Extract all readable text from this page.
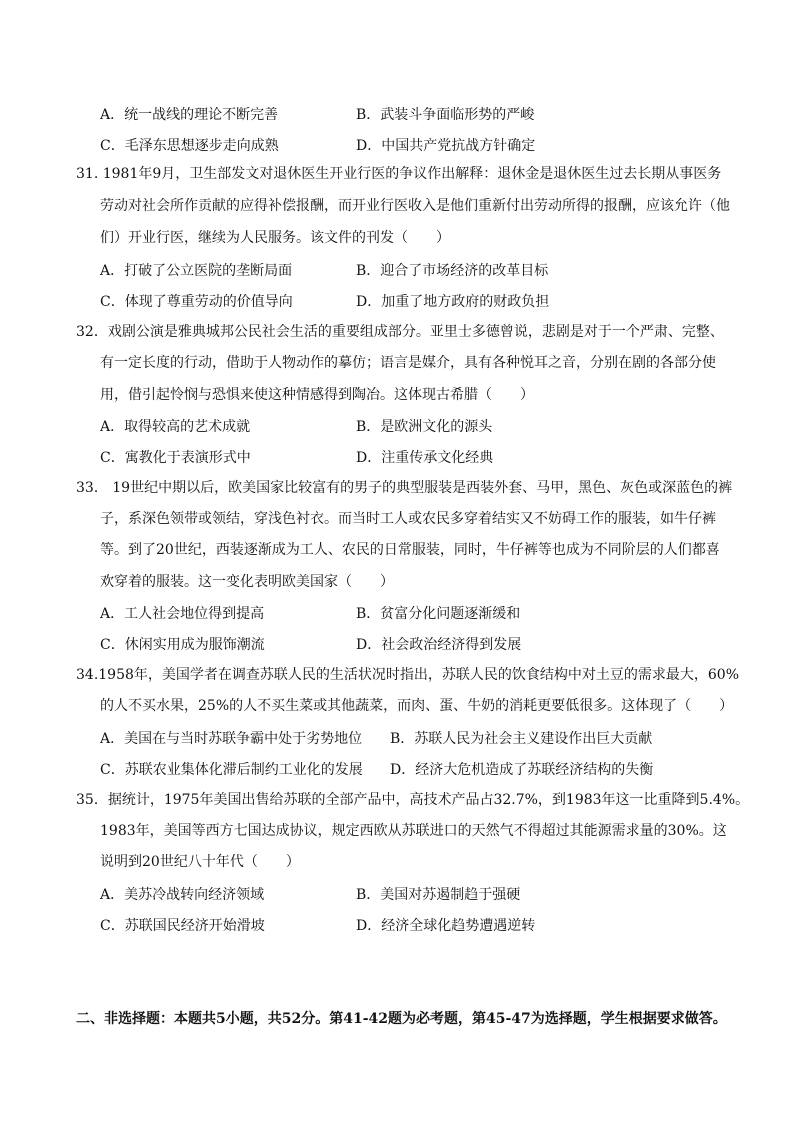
A．统一战线的理论不断完善	B．武装斗争面临形势的严峻
C．毛泽东思想逐步走向成熟	D．中国共产党抗战方针确定
31. 1981年9月，卫生部发文对退休医生开业行医的争议作出解释：退休金是退休医生过去长期从事医务
劳动对社会所作贡献的应得补偿报酬，而开业行医收入是他们重新付出劳动所得的报酬，应该允许（他
们）开业行医，继续为人民服务。该文件的刊发（　　）
A．打破了公立医院的垄断局面	B．迎合了市场经济的改革目标
C．体现了尊重劳动的价值导向	D．加重了地方政府的财政负担
32．戏剧公演是雅典城邦公民社会生活的重要组成部分。亚里士多德曾说，悲剧是对于一个严肃、完整、
有一定长度的行动，借助于人物动作的摹仿；语言是媒介，具有各种悦耳之音，分别在剧的各部分使
用，借引起怜悯与恐惧来使这种情感得到陶冶。这体现古希腊（　　）
A．取得较高的艺术成就	B．是欧洲文化的源头
C．寓教化于表演形式中	D．注重传承文化经典
33． 19世纪中期以后，欧美国家比较富有的男子的典型服装是西装外套、马甲，黑色、灰色或深蓝色的裤
子，系深色领带或领结，穿浅色衬衣。而当时工人或农民多穿着结实又不妨碍工作的服装，如牛仔裤
等。到了20世纪，西装逐渐成为工人、农民的日常服装，同时，牛仔裤等也成为不同阶层的人们都喜
欢穿着的服装。这一变化表明欧美国家（　　）
A．工人社会地位得到提高	B．贫富分化问题逐渐缓和
C．休闲实用成为服饰潮流	D．社会政治经济得到发展
34.1958年，美国学者在调查苏联人民的生活状况时指出，苏联人民的饮食结构中对土豆的需求最大，60%
的人不买水果，25%的人不买生菜或其他蔬菜，而肉、蛋、牛奶的消耗更要低很多。这体现了（　　）
A．美国在与当时苏联争霸中处于劣势地位 B．苏联人民为社会主义建设作出巨大贡献
C．苏联农业集体化滞后制约工业化的发展 D．经济大危机造成了苏联经济结构的失衡
35．据统计，1975年美国出售给苏联的全部产品中，高技术产品占32.7%，到1983年这一比重降到5.4%。
1983年，美国等西方七国达成协议，规定西欧从苏联进口的天然气不得超过其能源需求量的30%。这
说明到20世纪八十年代（　　）
A．美苏冷战转向经济领域	B．美国对苏遏制趋于强硬
C．苏联国民经济开始滑坡	D．经济全球化趋势遭遇逆转
二、非选择题：本题共5小题，共52分。第41-42题为必考题，第45-47为选择题，学生根据要求做答。
